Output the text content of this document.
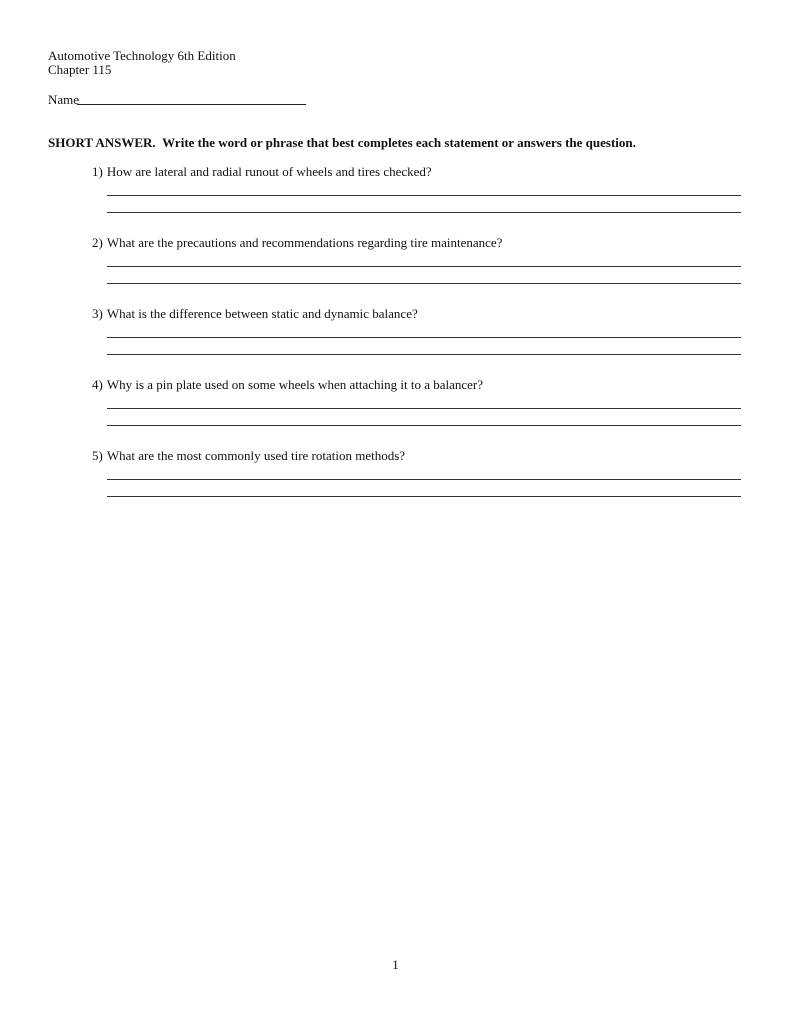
Automotive Technology 6th Edition
Chapter 115
Name
SHORT ANSWER. Write the word or phrase that best completes each statement or answers the question.
1) How are lateral and radial runout of wheels and tires checked?
2) What are the precautions and recommendations regarding tire maintenance?
3) What is the difference between static and dynamic balance?
4) Why is a pin plate used on some wheels when attaching it to a balancer?
5) What are the most commonly used tire rotation methods?
1
